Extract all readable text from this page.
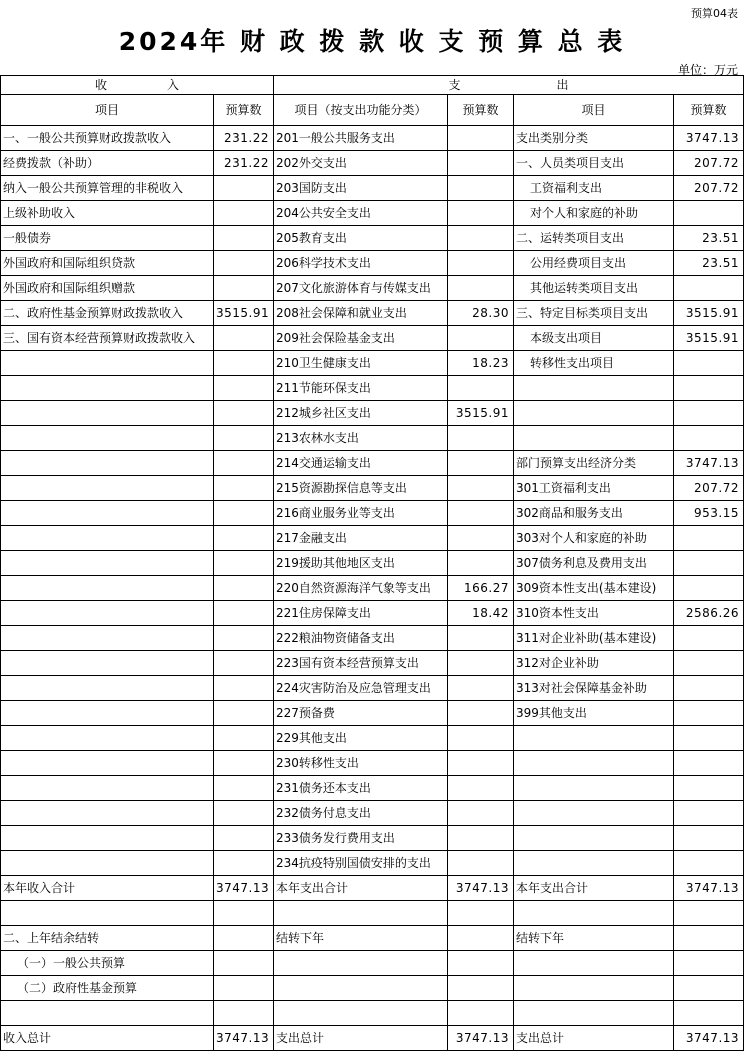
预算04表
2024年 财 政 拨 款 收 支 预 算 总 表
单位：万元
收　　　　　入		支　　　　　　　　出			
项目	预算数	项目（按支出功能分类）	预算数	项目	预算数
一、一般公共预算财政拨款收入	231.22	201一般公共服务支出		支出类别分类	3747.13
经费拨款（补助）	231.22	202外交支出		一、人员类项目支出	207.72
纳入一般公共预算管理的非税收入		203国防支出		工资福利支出	207.72
上级补助收入		204公共安全支出		对个人和家庭的补助	
一般债券		205教育支出		二、运转类项目支出	23.51
外国政府和国际组织贷款		206科学技术支出		公用经费项目支出	23.51
外国政府和国际组织赠款		207文化旅游体育与传媒支出		其他运转类项目支出	
二、政府性基金预算财政拨款收入	3515.91	208社会保障和就业支出	28.30	三、特定目标类项目支出	3515.91
三、国有资本经营预算财政拨款收入		209社会保险基金支出		本级支出项目	3515.91
		210卫生健康支出	18.23	转移性支出项目	
		211节能环保支出			
		212城乡社区支出	3515.91		
		213农林水支出			
		214交通运输支出		部门预算支出经济分类	3747.13
		215资源勘探信息等支出		301工资福利支出	207.72
		216商业服务业等支出		302商品和服务支出	953.15
		217金融支出		303对个人和家庭的补助	
		219援助其他地区支出		307债务利息及费用支出	
		220自然资源海洋气象等支出	166.27	309资本性支出(基本建设)	
		221住房保障支出	18.42	310资本性支出	2586.26
		222粮油物资储备支出		311对企业补助(基本建设)	
		223国有资本经营预算支出		312对企业补助	
		224灾害防治及应急管理支出		313对社会保障基金补助	
		227预备费		399其他支出	
		229其他支出			
		230转移性支出			
		231债务还本支出			
		232债务付息支出			
		233债务发行费用支出			
		234抗疫特别国债安排的支出			
本年收入合计	3747.13	本年支出合计	3747.13	本年支出合计	3747.13

二、上年结余结转		结转下年		结转下年	
（一）一般公共预算					
（二）政府性基金预算					

收入总计	3747.13	支出总计	3747.13	支出总计	3747.13
